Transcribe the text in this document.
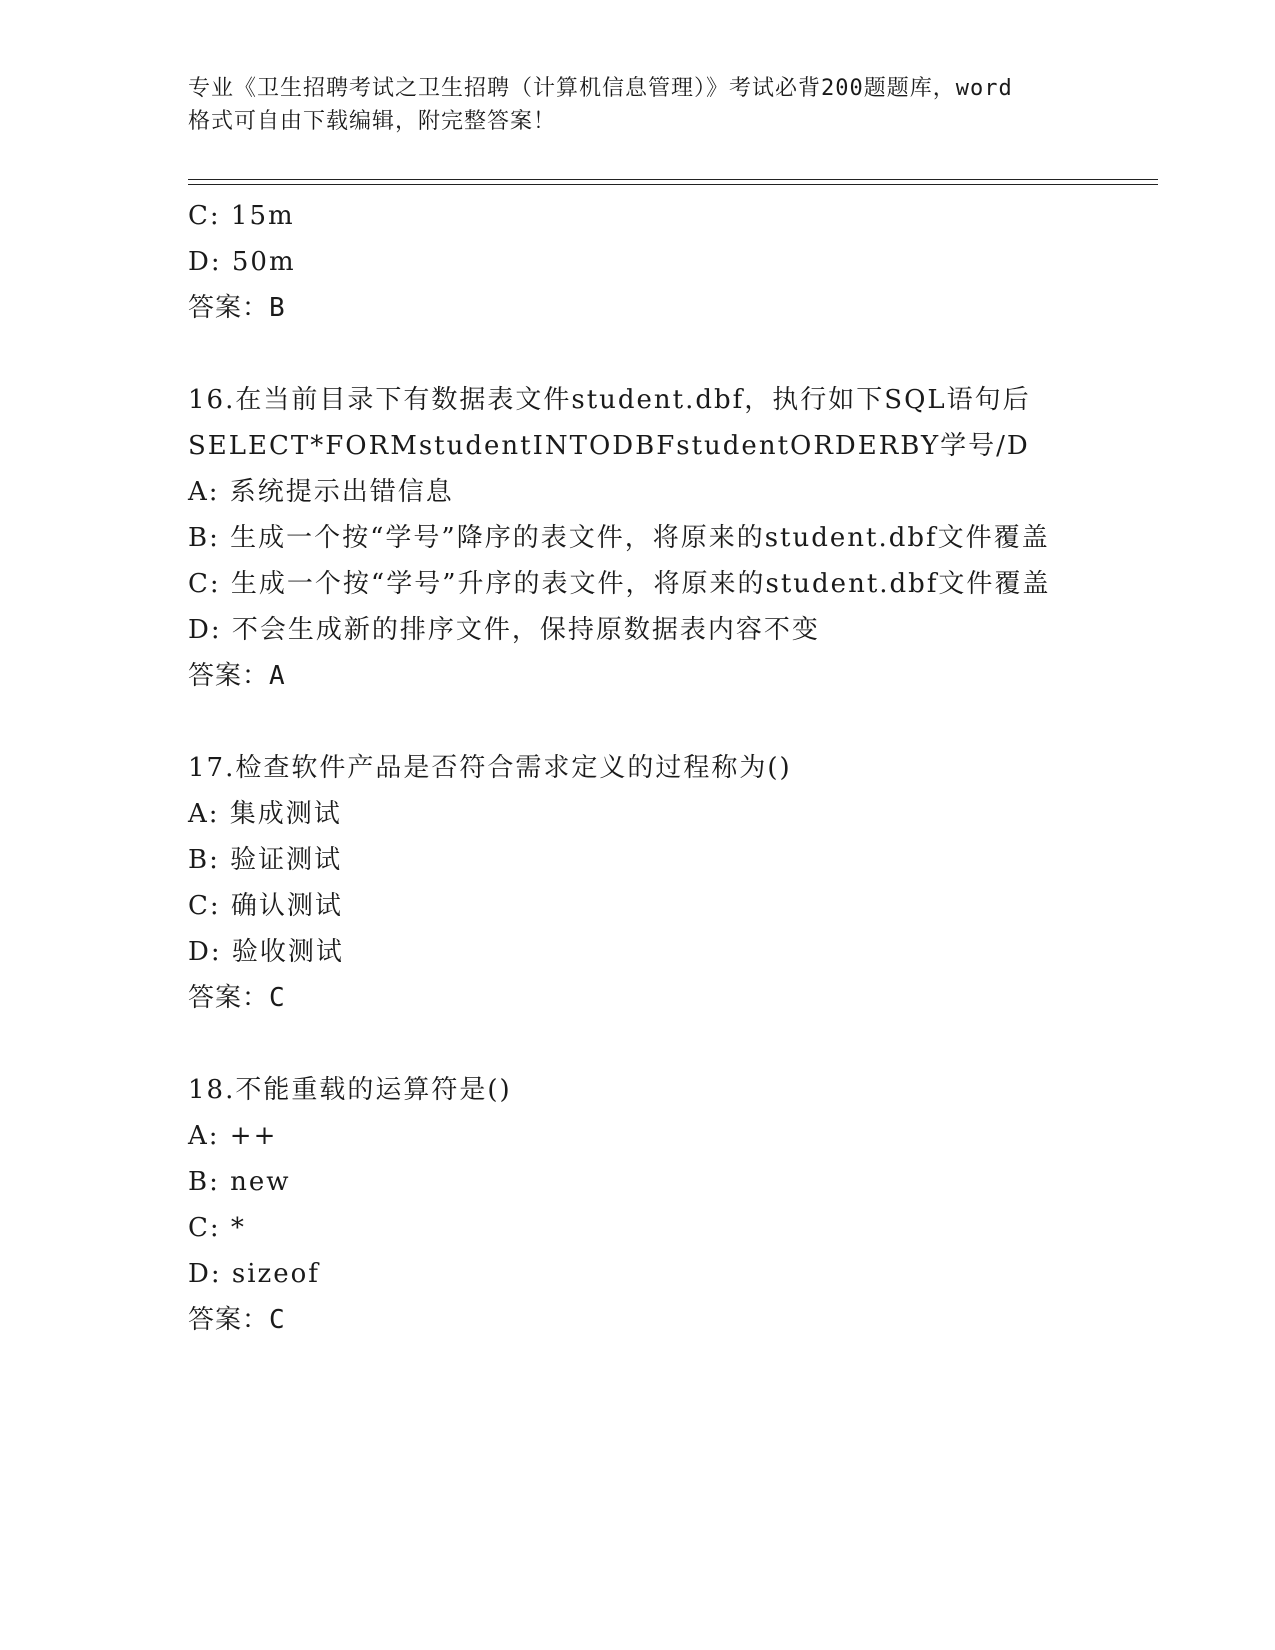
专业《卫生招聘考试之卫生招聘（计算机信息管理）》考试必背200题题库，word
格式可自由下载编辑，附完整答案！
C: 15m
D: 50m
答案：B
16.在当前目录下有数据表文件student.dbf，执行如下SQL语句后
SELECT*FORMstudentINTODBFstudentORDERBY学号/D
A: 系统提示出错信息
B: 生成一个按“学号”降序的表文件，将原来的student.dbf文件覆盖
C: 生成一个按“学号”升序的表文件，将原来的student.dbf文件覆盖
D: 不会生成新的排序文件，保持原数据表内容不变
答案：A
17.检查软件产品是否符合需求定义的过程称为()
A: 集成测试
B: 验证测试
C: 确认测试
D: 验收测试
答案：C
18.不能重载的运算符是()
A: ++
B: new
C: *
D: sizeof
答案：C
